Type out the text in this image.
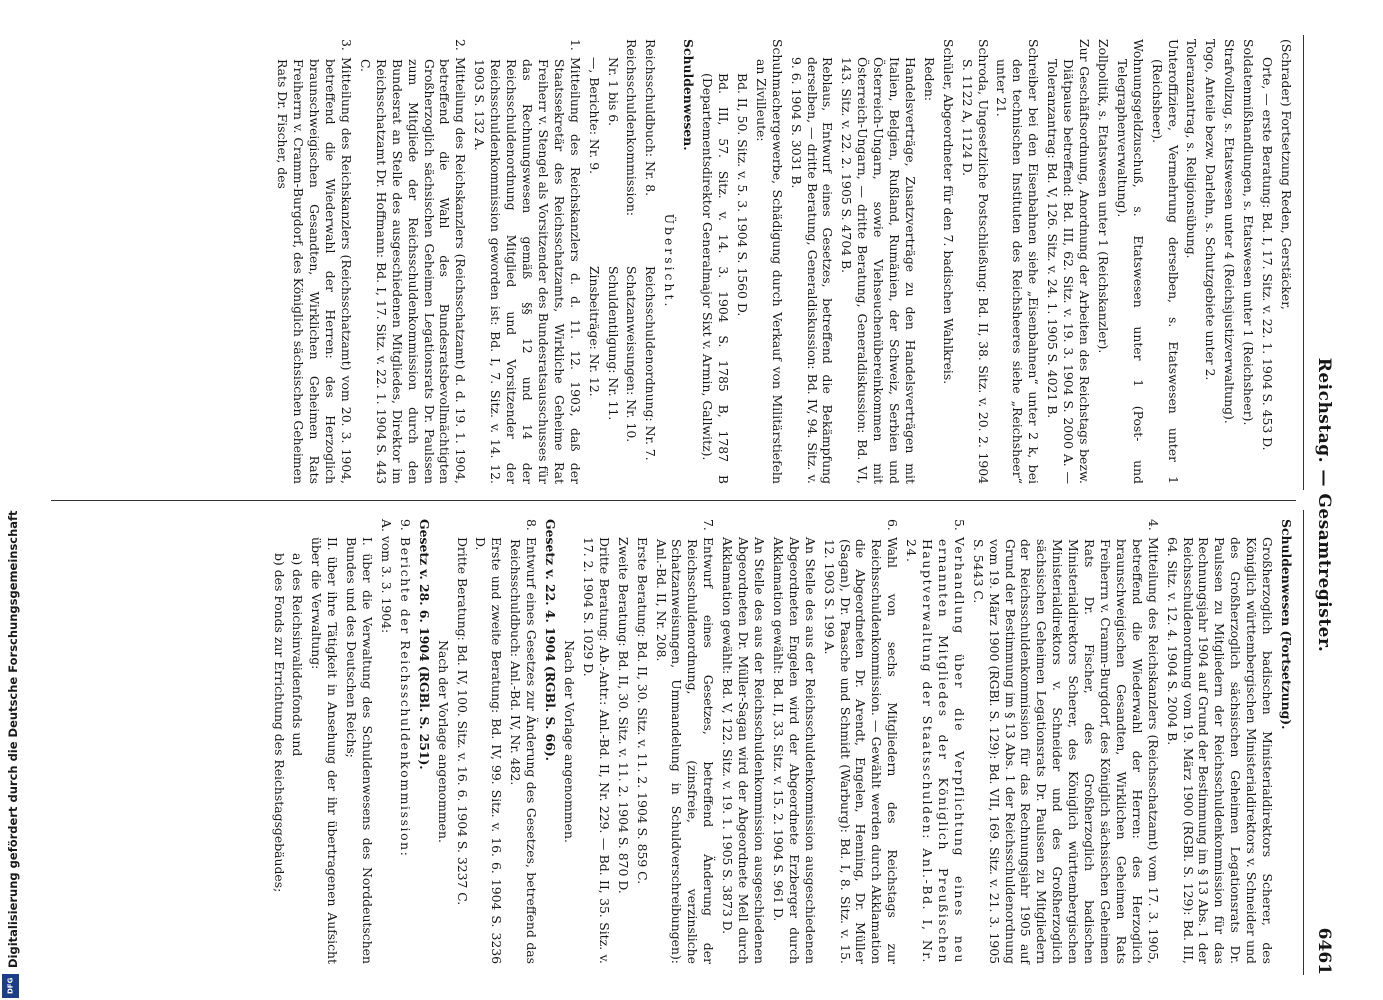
Reichstag. — Gesamtregister.
6461

(Schrader) Fortsetzung Reden, Gerstäcker,

Orte, — erste Beratung: Bd. I, 17. Sitz. v. 22. 1. 1904 S. 453 D.

Soldatenmißhandlungen, s. Etatswesen unter 1 (Reichsheer).

Strafvollzug, s. Etatswesen unter 4 (Reichsjustizverwaltung).

Togo, Anteile bezw. Darlehn, s. Schutzgebiete unter 2.

Toleranzantrag, s. Religionsübung.

Unteroffiziere, Vermehrung derselben, s. Etatswesen unter 1 (Reichsheer).

Wohnungsgeldzuschuß, s. Etatswesen unter 1 (Post- und Telegraphenverwaltung).

Zollpolitik, s. Etatswesen unter 1 (Reichskanzler).

Zur Geschäftsordnung, Anordnung der Arbeiten des Reichstags bezw. Diätpause betreffend: Bd. III, 62. Sitz. v. 19. 3. 1904 S. 2000 A. — Toleranzantrag: Bd. V, 126. Sitz. v. 24. 1. 1905 S. 4021 B.

Schreiber bei den Eisenbahnen siehe „Eisenbahnen“ unter 2 k, bei den technischen Instituten des Reichsheeres siehe „Reichsheer“ unter 21.

Schroda, Ungesetzliche Postschließung: Bd. II, 38. Sitz. v. 20. 2. 1904 S. 1122 A, 1124 D.

Schüler, Abgeordneter für den 7. badischen Wahlkreis.

Reden:

Handelsverträge, Zusatzverträge zu den Handelsverträgen mit Italien, Belgien, Rußland, Rumänien, der Schweiz, Serbien und Österreich-Ungarn, sowie Viehseuchenübereinkommen mit Österreich-Ungarn, — dritte Beratung, Generaldiskussion: Bd. VI, 143. Sitz. v. 22. 2. 1905 S. 4704 B.

Reblaus, Entwurf eines Gesetzes, betreffend die Bekämpfung derselben, — dritte Beratung, Generaldiskussion: Bd. IV, 94. Sitz. v. 9. 6. 1904 S. 3031 B.

Schuhmachergewerbe, Schädigung durch Verkauf von Militärstiefeln an Zivilleute:

Bd. II, 50. Sitz. v. 5. 3. 1904 S. 1560 D.

Bd. III, 57. Sitz. v. 14. 3. 1904 S. 1785 B, 1787 B (Departementsdirektor Generalmajor Sixt v. Armin, Gallwitz).

Schuldenwesen.

Übersicht.

Reichsschuldbuch: Nr. 8.

Reichsschuldenkommission:

Nr. 1 bis 6.

—, Berichte: Nr. 9.

Reichsschuldenordnung: Nr. 7.

Schatzanweisungen: Nr. 10.

Schuldentilgung: Nr. 11.

Zinsbeiträge: Nr. 12.

1.Mitteilung des Reichskanzlers d. d. 11. 12. 1903, daß der Staatssekretär des Reichsschatzamts, Wirkliche Geheime Rat Freiherr v. Stengel als Vorsitzender des Bundesratsausschusses für das Rechnungswesen gemäß §§ 12 und 14 der Reichsschuldenordnung Mitglied und Vorsitzender der Reichsschuldenkommission geworden ist: Bd. I, 7. Sitz. v. 14. 12. 1903 S. 132 A.

2.Mitteilung des Reichskanzlers (Reichsschatzamt) d. d. 19. 1. 1904, betreffend die Wahl des Bundesratsbevollmächtigten Großherzoglich sächsischen Geheimen Legationsrats Dr. Paulssen zum Mitgliede der Reichsschuldenkommission durch den Bundesrat an Stelle des ausgeschiedenen Mitgliedes, Direktor im Reichsschatzamt Dr. Hoffmann: Bd. I, 17. Sitz. v. 22. 1. 1904 S. 443 C.

3.Mitteilung des Reichskanzlers (Reichsschatzamt) vom 20. 3. 1904, betreffend die Wiederwahl der Herren: des Herzoglich braunschweigischen Gesandten, Wirklichen Geheimen Rats Freiherrn v. Cramm-Burgdorf, des Königlich sächsischen Geheimen Rats Dr. Fischer, des

Schuldenwesen (Fortsetzung).

Großherzoglich badischen Ministerialdirektors Scherer, des Königlich württembergischen Ministerialdirektors v. Schneider und des Großherzoglich sächsischen Geheimen Legationsrats Dr. Paulssen zu Mitgliedern der Reichsschuldenkommission für das Rechnungsjahr 1904 auf Grund der Bestimmung im § 13 Abs. 1 der Reichsschuldenordnung vom 19. März 1900 (RGBl. S. 129): Bd. III, 64. Sitz. v. 12. 4. 1904 S. 2004 B.

4.Mitteilung des Reichskanzlers (Reichsschatzamt) vom 17. 3. 1905, betreffend die Wiederwahl der Herren: des Herzoglich braunschweigischen Gesandten, Wirklichen Geheimen Rats Freiherrn v. Cramm-Burgdorf, des Königlich sächsischen Geheimen Rats Dr. Fischer, des Großherzoglich badischen Ministerialdirektors Scherer, des Königlich württembergischen Ministerialdirektors v. Schneider und des Großherzoglich sächsischen Geheimen Legationsrats Dr. Paulssen zu Mitgliedern der Reichsschuldenkommission für das Rechnungsjahr 1905 auf Grund der Bestimmung im § 13 Abs. 1 der Reichsschuldenordnung vom 19. März 1900 (RGBl. S. 129): Bd. VII, 169. Sitz. v. 21. 3. 1905 S. 5443 C.

5.Verhandlung über die Verpflichtung eines neu ernannten Mitgliedes der Königlich Preußischen Hauptverwaltung der Staatsschulden: Anl.-Bd. I, Nr. 24.

6.Wahl von sechs Mitgliedern des Reichstags zur Reichsschuldenkommission. — Gewählt werden durch Akklamation die Abgeordneten Dr. Arendt, Engelen, Henning, Dr. Müller (Sagan), Dr. Paasche und Schmidt (Warburg): Bd. I, 8. Sitz. v. 15. 12. 1903 S. 199 A.

An Stelle des aus der Reichsschuldenkommission ausgeschiedenen Abgeordneten Engelen wird der Abgeordnete Erzberger durch Akklamation gewählt: Bd. II, 33. Sitz. v. 15. 2. 1904 S. 961 D.

An Stelle des aus der Reichsschuldenkommission ausgeschiedenen Abgeordneten Dr. Müller-Sagan wird der Abgeordnete Mell durch Akklamation gewählt: Bd. V, 122. Sitz. v. 19. 1. 1905 S. 3873 D.

7.Entwurf eines Gesetzes, betreffend Änderung der Reichsschuldenordnung, (zinsfreie, verzinsliche Schatzanweisungen, Ummandelung in Schuldverschreibungen): Anl.-Bd. II, Nr. 208.

Erste Beratung: Bd. II, 30. Sitz. v. 11. 2. 1904 S. 859 C.

Zweite Beratung: Bd. II, 30. Sitz. v. 11. 2. 1904 S. 870 D.

Dritte Beratung: Ab.-Antr.: Anl.-Bd. II, Nr. 229. — Bd. II, 35. Sitz. v. 17. 2. 1904 S. 1029 D.

Nach der Vorlage angenommen.

Gesetz v. 22. 4. 1904 (RGBl. S. 66).

8.Entwurf eines Gesetzes zur Änderung des Gesetzes, betreffend das Reichsschuldbuch: Anl.-Bd. IV, Nr. 482.

Erste und zweite Beratung: Bd. IV, 99. Sitz. v. 16. 6. 1904 S. 3236 D.

Dritte Beratung: Bd. IV, 100. Sitz. v. 16. 6. 1904 S. 3237 C.

Nach der Vorlage angenommen.

Gesetz v. 28. 6. 1904 (RGBl. S. 251).

9.Berichte der Reichsschuldenkommission:

A. vom 3. 3. 1904:

I. über die Verwaltung des Schuldenwesens des Norddeutschen Bundes und des Deutschen Reichs;

II. über ihre Tätigkeit in Ansehung der ihr übertragenen Aufsicht über die Verwaltung:

a) des Reichsinvalidenfonds und

b) des Fonds zur Errichtung des Reichstagsgebäudes;

Digitalisierung gefördert durch die Deutsche Forschungsgemeinschaft
DFG
